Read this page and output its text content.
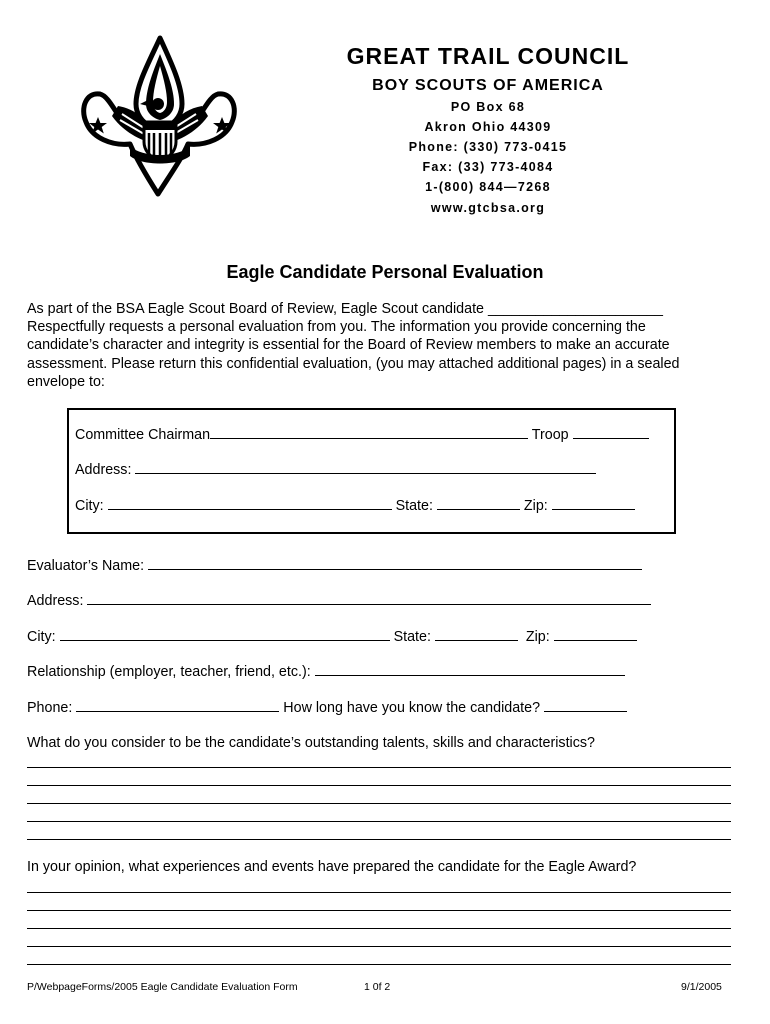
GREAT TRAIL COUNCIL
BOY SCOUTS OF AMERICA
PO Box 68
Akron Ohio 44309
Phone: (330) 773-0415
Fax: (33) 773-4084
1-(800) 844—7268
www.gtcbsa.org
Eagle Candidate Personal Evaluation
As part of the BSA Eagle Scout Board of Review, Eagle Scout candidate ______________________
Respectfully requests a personal evaluation from you. The information you provide concerning the
candidate’s character and integrity is essential for the Board of Review members to make an accurate
assessment. Please return this confidential evaluation, (you may attached additional pages) in a sealed
envelope to:
Committee Chairman	Troop
Address:
City:	State:	Zip:
Evaluator’s Name:
Address:
City:	State:	Zip:
Relationship (employer, teacher, friend, etc.):
Phone:	How long have you know the candidate?
What do you consider to be the candidate’s outstanding talents, skills and characteristics?
In your opinion, what experiences and events have prepared the candidate for the Eagle Award?
P/WebpageForms/2005 Eagle Candidate Evaluation Form	1 0f 2	9/1/2005
